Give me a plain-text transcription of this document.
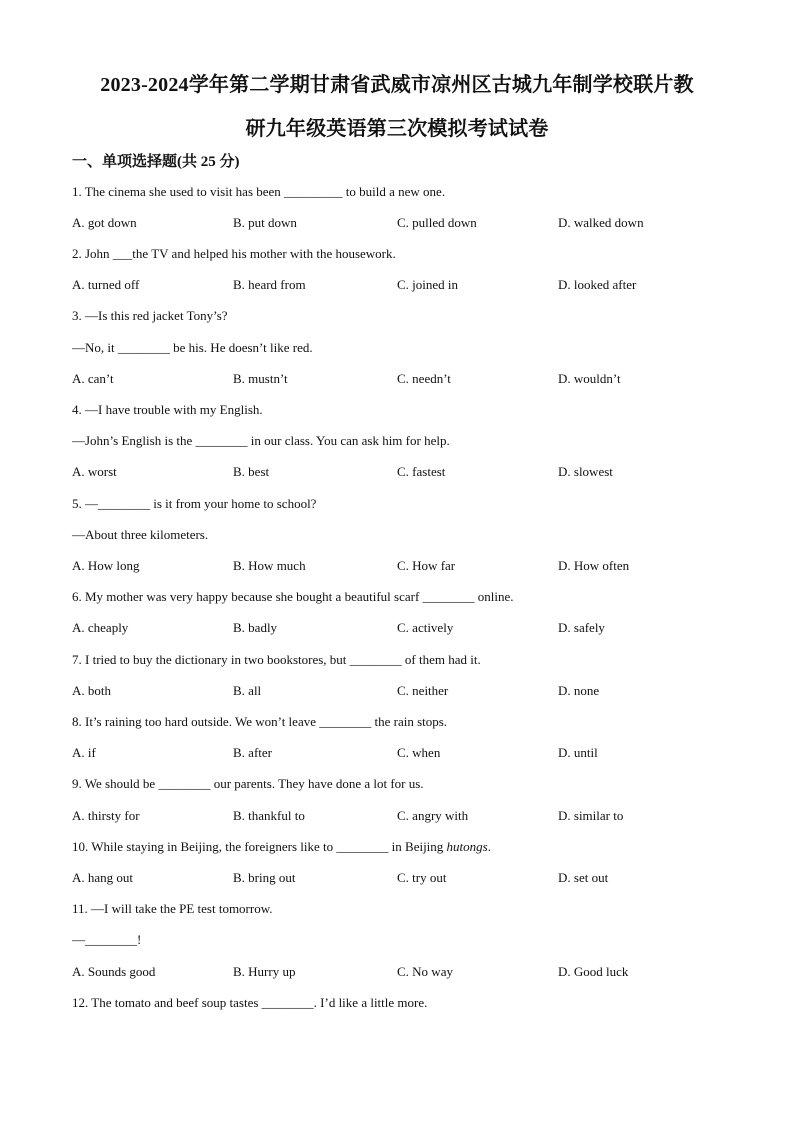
2023-2024学年第二学期甘肃省武威市凉州区古城九年制学校联片教
研九年级英语第三次模拟考试试卷
一、单项选择题(共 25 分)
1. The cinema she used to visit has been _________ to build a new one.
A. got down	B. put down	C. pulled down	D. walked down
2. John ___the TV and helped his mother with the housework.
A. turned off	B. heard from	C. joined in	D. looked after
3. —Is this red jacket Tony’s?
—No, it ________ be his. He doesn’t like red.
A. can’t	B. mustn’t	C. needn’t	D. wouldn’t
4. —I have trouble with my English.
—John’s English is the ________ in our class. You can ask him for help.
A. worst	B. best	C. fastest	D. slowest
5. —________ is it from your home to school?
—About three kilometers.
A. How long	B. How much	C. How far	D. How often
6. My mother was very happy because she bought a beautiful scarf ________ online.
A. cheaply	B. badly	C. actively	D. safely
7. I tried to buy the dictionary in two bookstores, but ________ of them had it.
A. both	B. all	C. neither	D. none
8. It’s raining too hard outside. We won’t leave ________ the rain stops.
A. if	B. after	C. when	D. until
9. We should be ________ our parents. They have done a lot for us.
A. thirsty for	B. thankful to	C. angry with	D. similar to
10. While staying in Beijing, the foreigners like to ________ in Beijing hutongs.
A. hang out	B. bring out	C. try out	D. set out
11. —I will take the PE test tomorrow.
—________!
A. Sounds good	B. Hurry up	C. No way	D. Good luck
12. The tomato and beef soup tastes ________. I’d like a little more.
